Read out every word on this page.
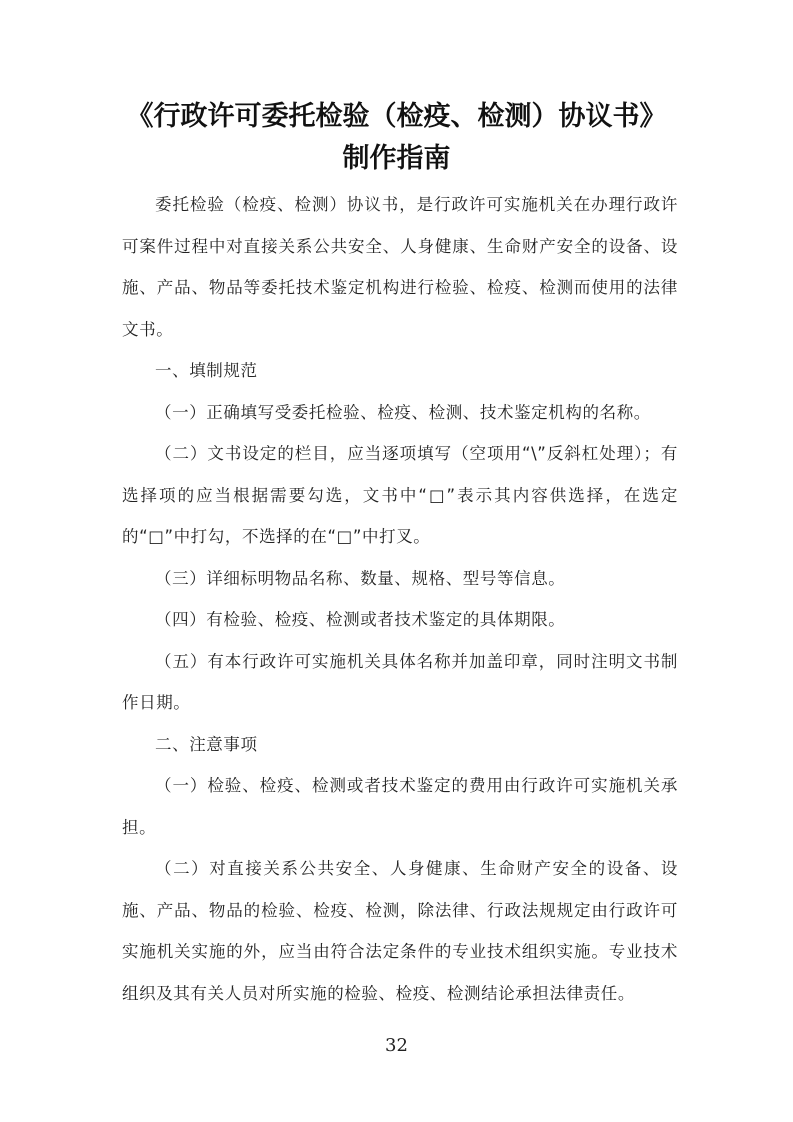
《行政许可委托检验（检疫、检测）协议书》
制作指南

委托检验（检疫、检测）协议书，是行政许可实施机关在办理行政许可案件过程中对直接关系公共安全、人身健康、生命财产安全的设备、设施、产品、物品等委托技术鉴定机构进行检验、检疫、检测而使用的法律文书。

一、填制规范

（一）正确填写受委托检验、检疫、检测、技术鉴定机构的名称。

（二）文书设定的栏目，应当逐项填写（空项用“\”反斜杠处理）；有选择项的应当根据需要勾选，文书中“□”表示其内容供选择，在选定的“□”中打勾，不选择的在“□”中打叉。

（三）详细标明物品名称、数量、规格、型号等信息。

（四）有检验、检疫、检测或者技术鉴定的具体期限。

（五）有本行政许可实施机关具体名称并加盖印章，同时注明文书制作日期。

二、注意事项

（一）检验、检疫、检测或者技术鉴定的费用由行政许可实施机关承担。

（二）对直接关系公共安全、人身健康、生命财产安全的设备、设施、产品、物品的检验、检疫、检测，除法律、行政法规规定由行政许可实施机关实施的外，应当由符合法定条件的专业技术组织实施。专业技术组织及其有关人员对所实施的检验、检疫、检测结论承担法律责任。

32
